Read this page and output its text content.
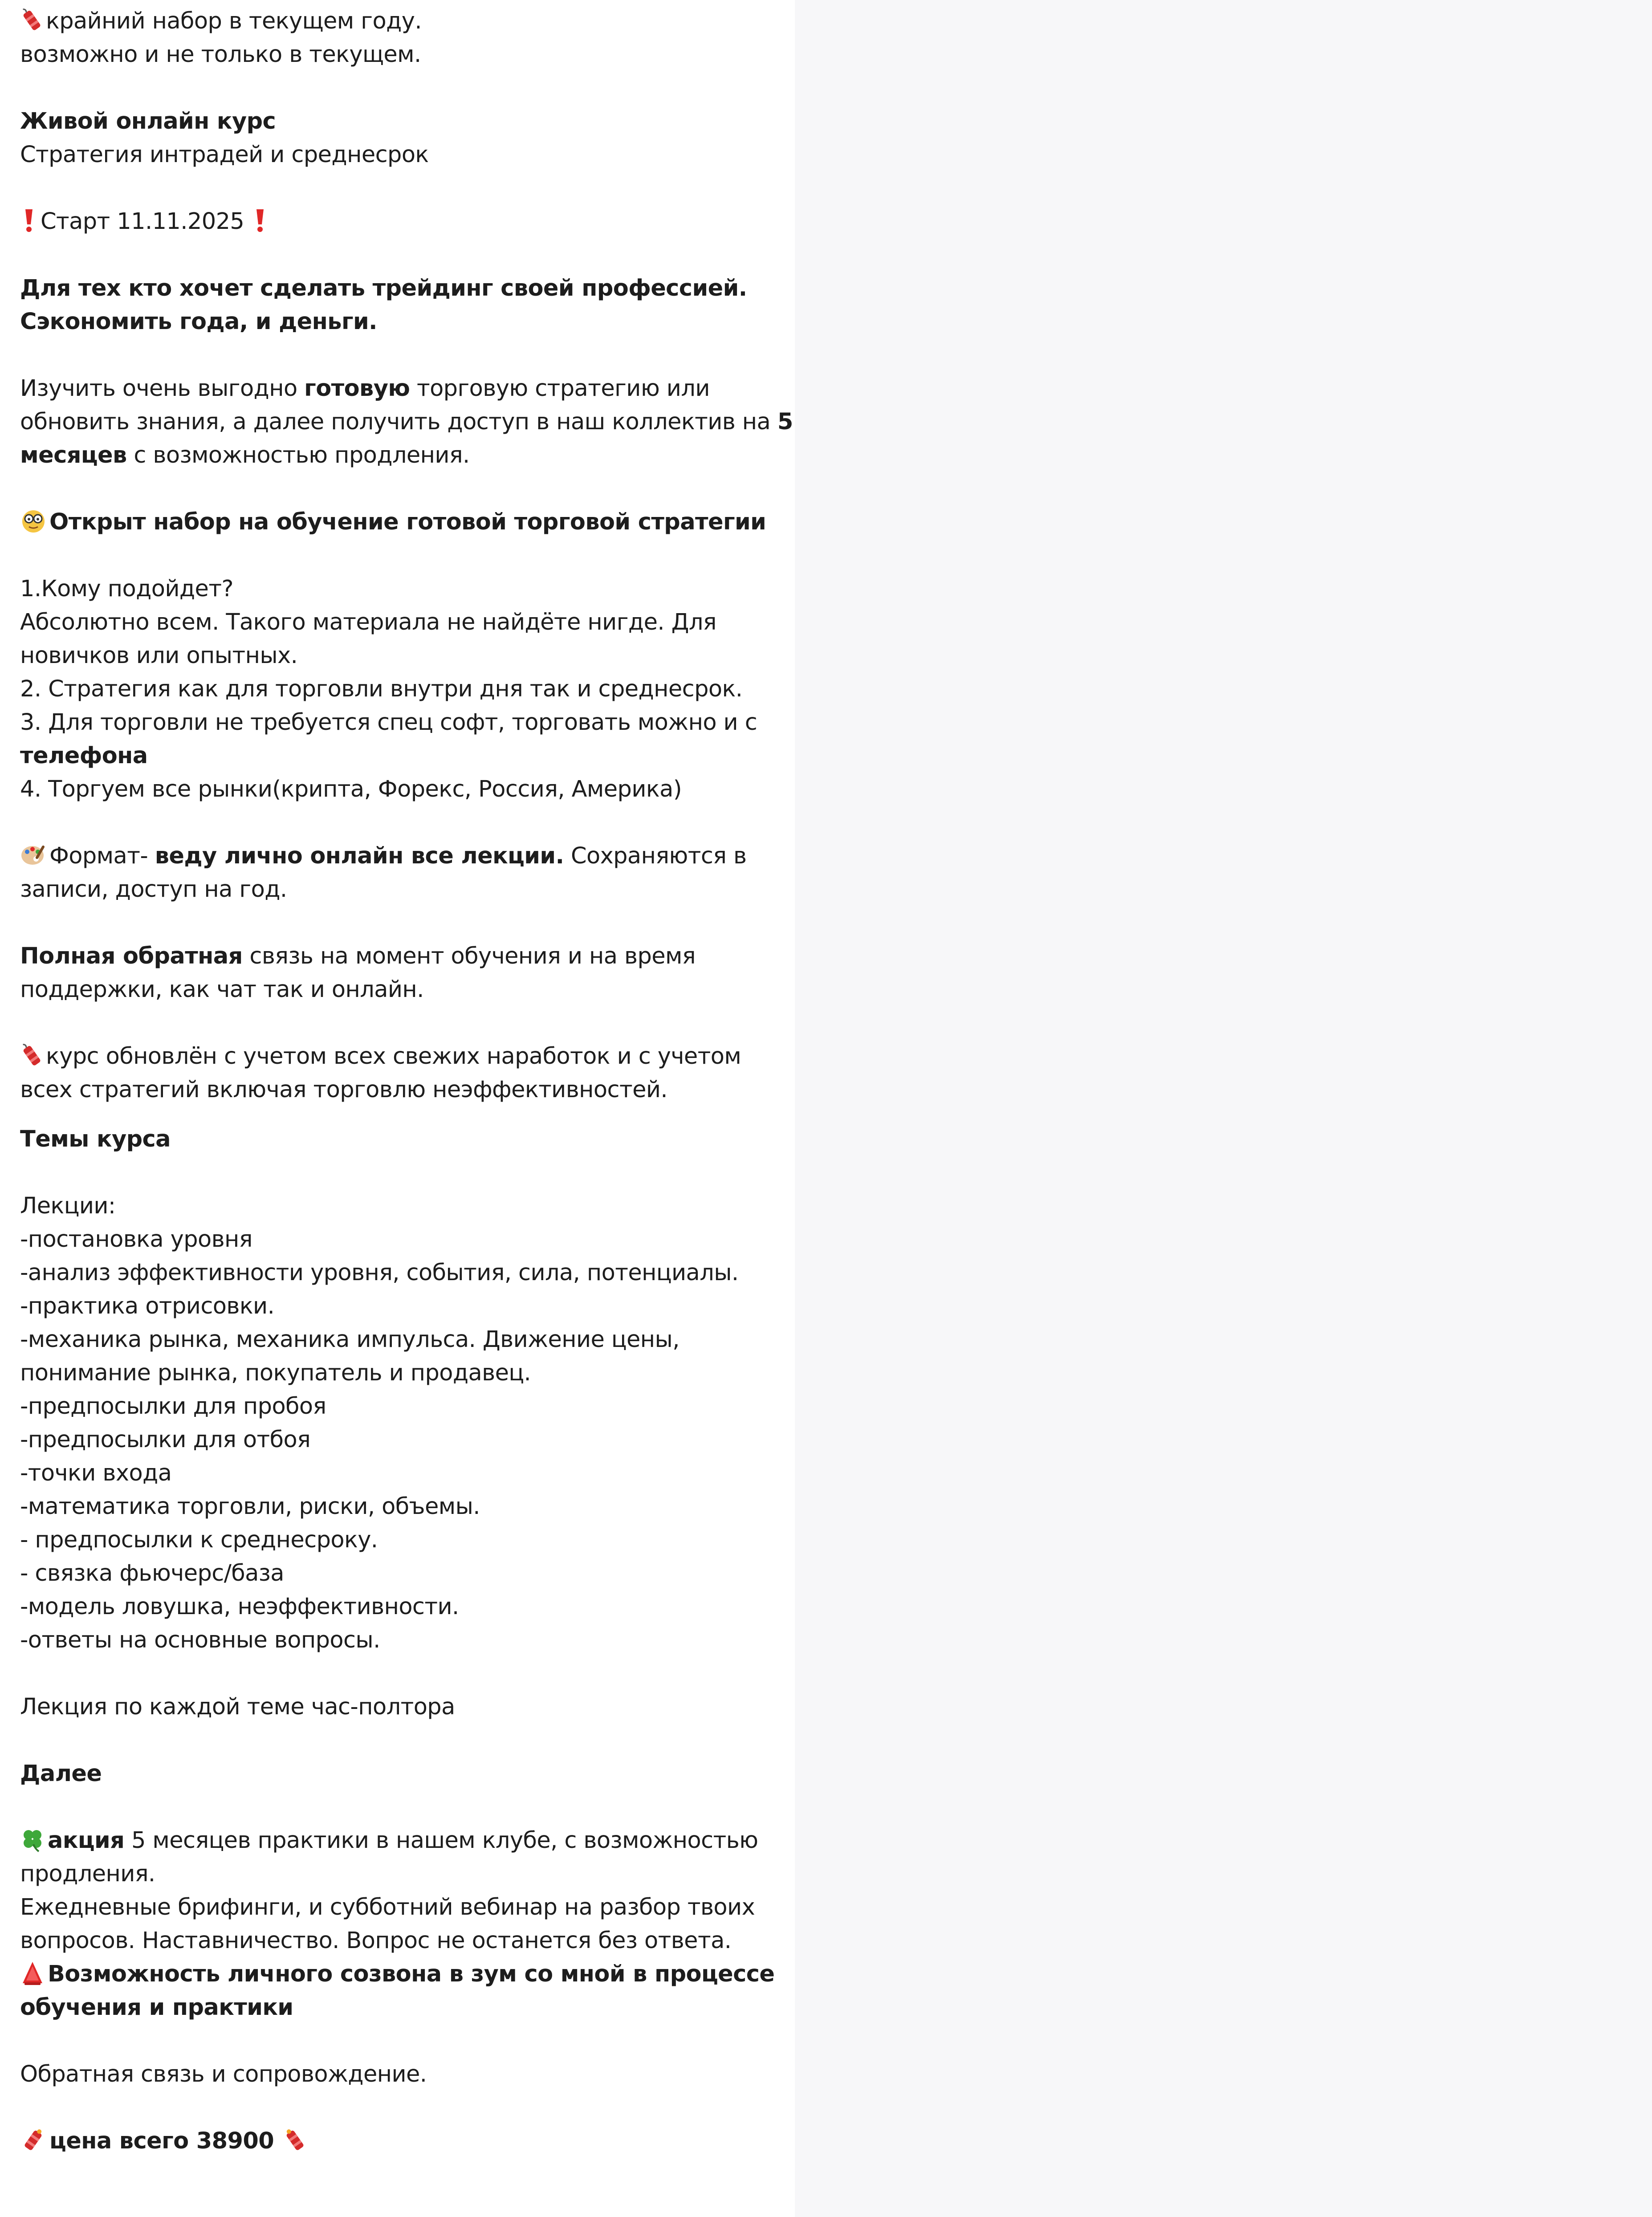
крайний набор в текущем году.
возможно и не только в текущем.
Живой онлайн курс
Стратегия интрадей и среднесрок
Старт 11.11.2025
Для тех кто хочет сделать трейдинг своей профессией.
Сэкономить года, и деньги.
Изучить очень выгодно готовую торговую стратегию или
обновить знания, а далее получить доступ в наш коллектив на 5
месяцев с возможностью продления.
Открыт набор на обучение готовой торговой стратегии
1.Кому подойдет?
Абсолютно всем. Такого материала не найдёте нигде. Для
новичков или опытных.
2. Стратегия как для торговли внутри дня так и среднесрок.
3. Для торговли не требуется спец софт, торговать можно и с
телефона
4. Торгуем все рынки(крипта, Форекс, Россия, Америка)
Формат- веду лично онлайн все лекции. Сохраняются в
записи, доступ на год.
Полная обратная связь на момент обучения и на время
поддержки, как чат так и онлайн.
курс обновлён с учетом всех свежих наработок и с учетом
всех стратегий включая торговлю неэффективностей.
Темы курса
Лекции:
-постановка уровня
-анализ эффективности уровня, события, сила, потенциалы.
-практика отрисовки.
-механика рынка, механика импульса. Движение цены,
понимание рынка, покупатель и продавец.
-предпосылки для пробоя
-предпосылки для отбоя
-точки входа
-математика торговли, риски, объемы.
- предпосылки к среднесроку.
- связка фьючерс/база
-модель ловушка, неэффективности.
-ответы на основные вопросы.
Лекция по каждой теме час-полтора
Далее
акция 5 месяцев практики в нашем клубе, с возможностью
продления.
Ежедневные брифинги, и субботний вебинар на разбор твоих
вопросов. Наставничество. Вопрос не останется без ответа.
Возможность личного созвона в зум со мной в процессе
обучения и практики
Обратная связь и сопровождение.
цена всего 38900
